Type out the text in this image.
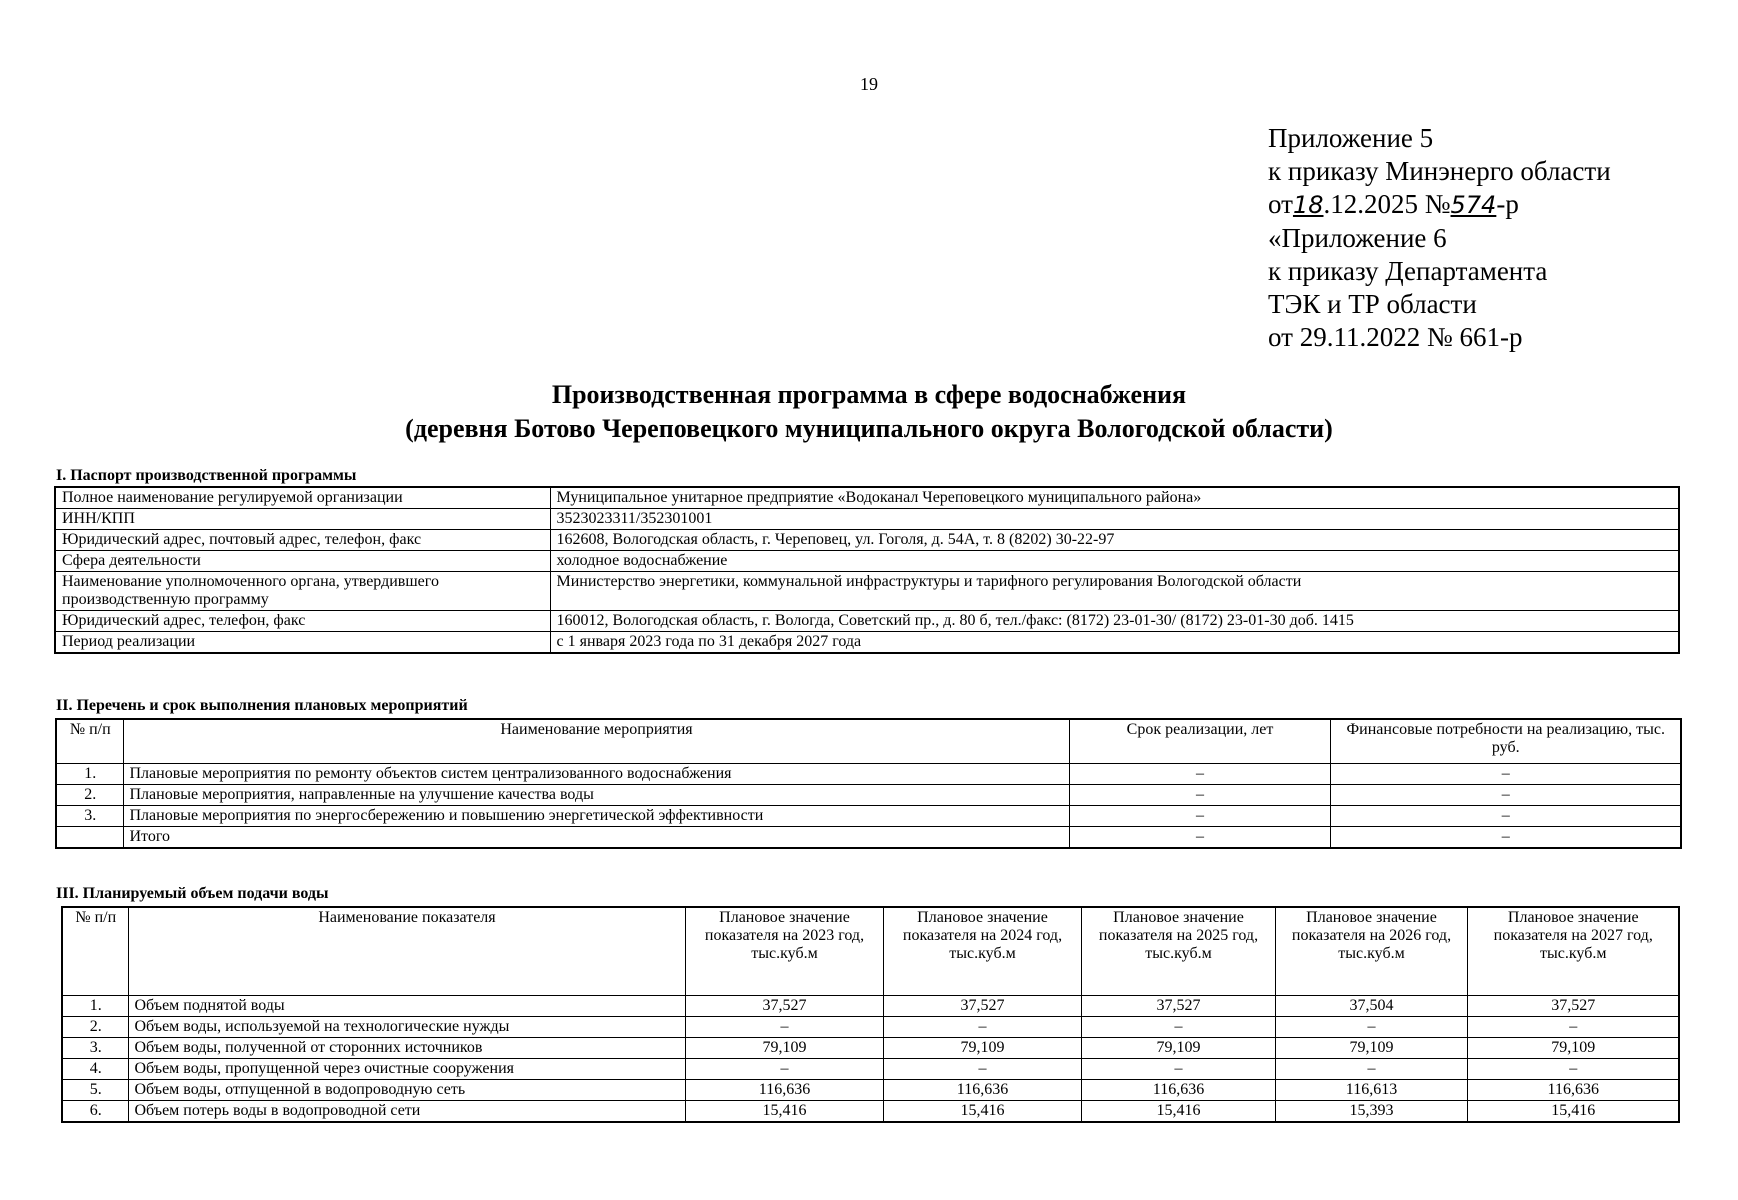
19
Приложение 5
к приказу Минэнерго области
от18.12.2025 №574-р
«Приложение 6
к приказу Департамента
ТЭК и ТР области
от 29.11.2022 № 661-р
Производственная программа в сфере водоснабжения
(деревня Ботово Череповецкого муниципального округа Вологодской области)
I. Паспорт производственной программы
Полное наименование регулируемой организации	Муниципальное унитарное предприятие «Водоканал Череповецкого муниципального района»
ИНН/КПП	3523023311/352301001
Юридический адрес, почтовый адрес, телефон, факс	162608, Вологодская область, г. Череповец, ул. Гоголя, д. 54А, т. 8 (8202) 30-22-97
Сфера деятельности	холодное водоснабжение
Наименование уполномоченного органа, утвердившего производственную программу	Министерство энергетики, коммунальной инфраструктуры и тарифного регулирования Вологодской области
Юридический адрес, телефон, факс	160012, Вологодская область, г. Вологда, Советский пр., д. 80 б, тел./факс: (8172) 23-01-30/ (8172) 23-01-30 доб. 1415
Период реализации	с 1 января 2023 года по 31 декабря 2027 года
II. Перечень и срок выполнения плановых мероприятий
№ п/п	Наименование мероприятия	Срок реализации, лет	Финансовые потребности на реализацию, тыс. руб.
1.	Плановые мероприятия по ремонту объектов систем централизованного водоснабжения	–	–
2.	Плановые мероприятия, направленные на улучшение качества воды	–	–
3.	Плановые мероприятия по энергосбережению и повышению энергетической эффективности	–	–
	Итого	–	–
III. Планируемый объем подачи воды
№ п/п	Наименование показателя	Плановое значение показателя на 2023 год, тыс.куб.м	Плановое значение показателя на 2024 год, тыс.куб.м	Плановое значение показателя на 2025 год, тыс.куб.м	Плановое значение показателя на 2026 год, тыс.куб.м	Плановое значение показателя на 2027 год, тыс.куб.м
1.	Объем поднятой воды	37,527	37,527	37,527	37,504	37,527
2.	Объем воды, используемой на технологические нужды	–	–	–	–	–
3.	Объем воды, полученной от сторонних источников	79,109	79,109	79,109	79,109	79,109
4.	Объем воды, пропущенной через очистные сооружения	–	–	–	–	–
5.	Объем воды, отпущенной в водопроводную сеть	116,636	116,636	116,636	116,613	116,636
6.	Объем потерь воды в водопроводной сети	15,416	15,416	15,416	15,393	15,416
